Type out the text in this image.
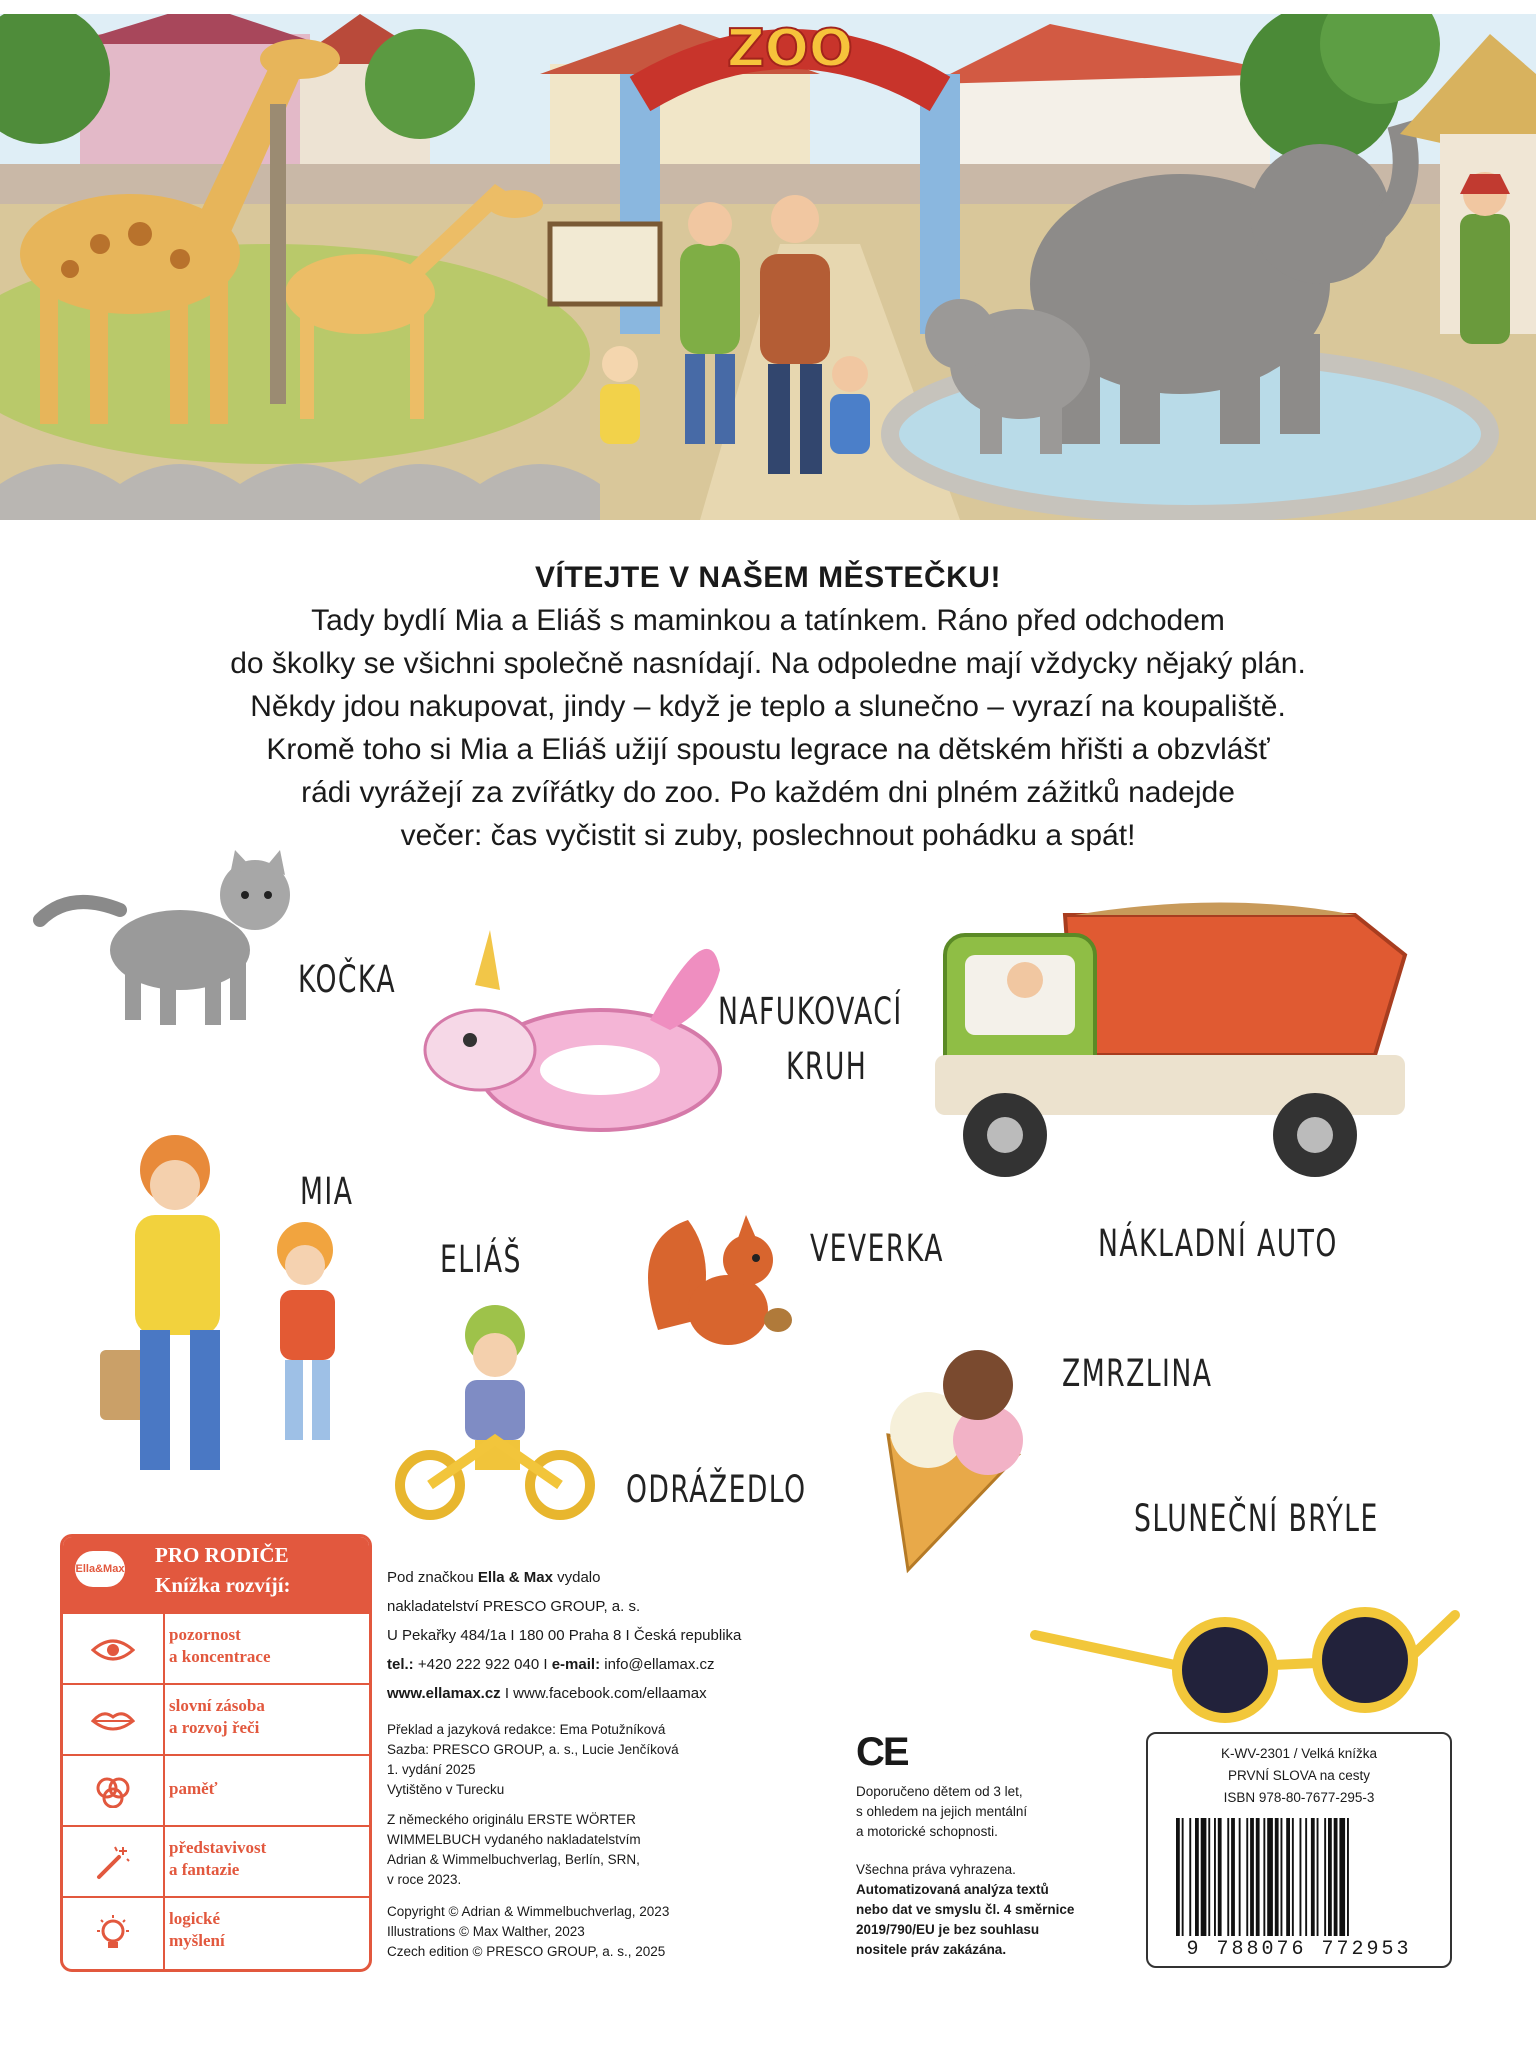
ZOO
VÍTEJTE V NAŠEM MĚSTEČKU!
Tady bydlí Mia a Eliáš s maminkou a tatínkem. Ráno před odchodem
do školky se všichni společně nasnídají. Na odpoledne mají vždycky nějaký plán.
Někdy jdou nakupovat, jindy – když je teplo a slunečno – vyrazí na koupaliště.
Kromě toho si Mia a Eliáš užijí spoustu legrace na dětském hřišti a obzvlášť
rádi vyrážejí za zvířátky do zoo. Po každém dni plném zážitků nadejde
večer: čas vyčistit si zuby, poslechnout pohádku a spát!
KOČKA
NAFUKOVACÍ
KRUH
NÁKLADNÍ AUTO
MIA
ELIÁŠ
ODRÁŽEDLO
VEVERKA
ZMRZLINA
SLUNEČNÍ BRÝLE
Ella&Max
PRO RODIČE
Knížka rozvíjí:
pozornost
a koncentrace
slovní zásoba
a rozvoj řeči
paměť
představivost
a fantazie
logické
myšlení
Pod značkou Ella & Max vydalo
nakladatelství PRESCO GROUP, a. s.
U Pekařky 484/1a I 180 00 Praha 8 I Česká republika
tel.: +420 222 922 040 I e-mail: info@ellamax.cz
www.ellamax.cz I www.facebook.com/ellaamax
Překlad a jazyková redakce: Ema Potužníková
Sazba: PRESCO GROUP, a. s., Lucie Jenčíková
1. vydání 2025
Vytištěno v Turecku
Z německého originálu ERSTE WÖRTER
WIMMELBUCH vydaného nakladatelstvím
Adrian & Wimmelbuchverlag, Berlín, SRN,
v roce 2023.
Copyright © Adrian & Wimmelbuchverlag, 2023
Illustrations © Max Walther, 2023
Czech edition © PRESCO GROUP, a. s., 2025
CE
Doporučeno dětem od 3 let,
s ohledem na jejich mentální
a motorické schopnosti.
Všechna práva vyhrazena.
Automatizovaná analýza textů
nebo dat ve smyslu čl. 4 směrnice
2019/790/EU je bez souhlasu
nositele práv zakázána.
K-WV-2301 / Velká knížka
PRVNÍ SLOVA na cesty
ISBN 978-80-7677-295-3
9 788076 772953
